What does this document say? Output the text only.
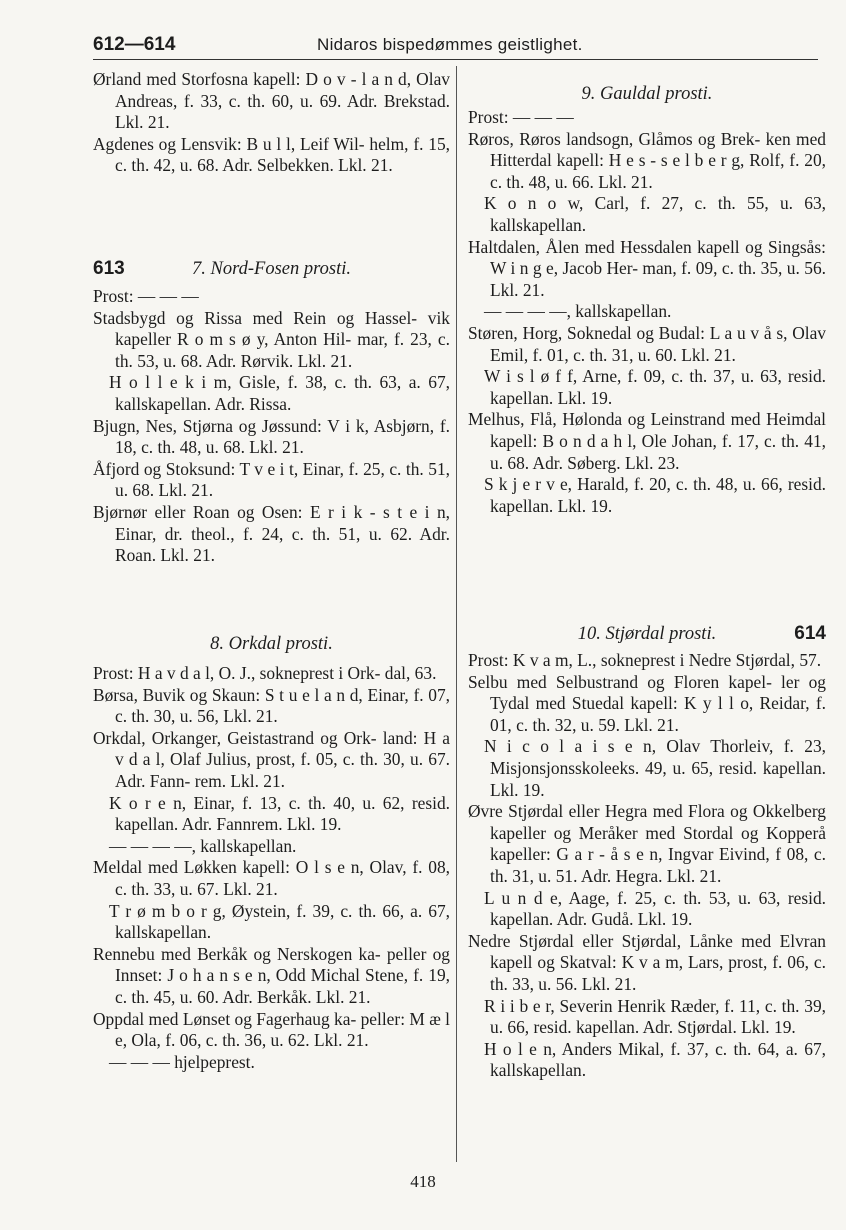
612—614	Nidaros bispedømmes geistlighet.

Ørland med Storfosna kapell: D o v - l a n d, Olav Andreas, f. 33, c. th. 60, u. 69. Adr. Brekstad. Lkl. 21.

Agdenes og Lensvik: B u l l, Leif Wil- helm, f. 15, c. th. 42, u. 68. Adr. Selbekken. Lkl. 21.

613	7. Nord-Fosen prosti.

Prost: — — —

Stadsbygd og Rissa med Rein og Hassel- vik kapeller R o m s ø y, Anton Hil- mar, f. 23, c. th. 53, u. 68. Adr. Rørvik. Lkl. 21.

H o l l e k i m, Gisle, f. 38, c. th. 63, a. 67, kallskapellan. Adr. Rissa.

Bjugn, Nes, Stjørna og Jøssund: V i k, Asbjørn, f. 18, c. th. 48, u. 68. Lkl. 21.

Åfjord og Stoksund: T v e i t, Einar, f. 25, c. th. 51, u. 68. Lkl. 21.

Bjørnør eller Roan og Osen: E r i k - s t e i n, Einar, dr. theol., f. 24, c. th. 51, u. 62. Adr. Roan. Lkl. 21.

8. Orkdal prosti.

Prost: H a v d a l, O. J., sokneprest i Ork- dal, 63.

Børsa, Buvik og Skaun: S t u e l a n d, Einar, f. 07, c. th. 30, u. 56, Lkl. 21.

Orkdal, Orkanger, Geistastrand og Ork- land: H a v d a l, Olaf Julius, prost, f. 05, c. th. 30, u. 67. Adr. Fann- rem. Lkl. 21.

K o r e n, Einar, f. 13, c. th. 40, u. 62, resid. kapellan. Adr. Fannrem. Lkl. 19.

— — — —, kallskapellan.

Meldal med Løkken kapell: O l s e n, Olav, f. 08, c. th. 33, u. 67. Lkl. 21.

T r ø m b o r g, Øystein, f. 39, c. th. 66, a. 67, kallskapellan.

Rennebu med Berkåk og Nerskogen ka- peller og Innset: J o h a n s e n, Odd Michal Stene, f. 19, c. th. 45, u. 60. Adr. Berkåk. Lkl. 21.

Oppdal med Lønset og Fagerhaug ka- peller: M æ l e, Ola, f. 06, c. th. 36, u. 62. Lkl. 21.

— — — hjelpeprest.

9. Gauldal prosti.

Prost: — — —

Røros, Røros landsogn, Glåmos og Brek- ken med Hitterdal kapell: H e s - s e l b e r g, Rolf, f. 20, c. th. 48, u. 66. Lkl. 21.

K o n o w, Carl, f. 27, c. th. 55, u. 63, kallskapellan.

Haltdalen, Ålen med Hessdalen kapell og Singsås: W i n g e, Jacob Her- man, f. 09, c. th. 35, u. 56. Lkl. 21.

— — — —, kallskapellan.

Støren, Horg, Soknedal og Budal: L a u v å s, Olav Emil, f. 01, c. th. 31, u. 60. Lkl. 21.

W i s l ø f f, Arne, f. 09, c. th. 37, u. 63, resid. kapellan. Lkl. 19.

Melhus, Flå, Hølonda og Leinstrand med Heimdal kapell: B o n d a h l, Ole Johan, f. 17, c. th. 41, u. 68. Adr. Søberg. Lkl. 23.

S k j e r v e, Harald, f. 20, c. th. 48, u. 66, resid. kapellan. Lkl. 19.

10. Stjørdal prosti.	614

Prost: K v a m, L., sokneprest i Nedre Stjørdal, 57.

Selbu med Selbustrand og Floren kapel- ler og Tydal med Stuedal kapell: K y l l o, Reidar, f. 01, c. th. 32, u. 59. Lkl. 21.

N i c o l a i s e n, Olav Thorleiv, f. 23, Misjonsjonsskoleeks. 49, u. 65, resid. kapellan. Lkl. 19.

Øvre Stjørdal eller Hegra med Flora og Okkelberg kapeller og Meråker med Stordal og Kopperå kapeller: G a r - å s e n, Ingvar Eivind, f 08, c. th. 31, u. 51. Adr. Hegra. Lkl. 21.

L u n d e, Aage, f. 25, c. th. 53, u. 63, resid. kapellan. Adr. Gudå. Lkl. 19.

Nedre Stjørdal eller Stjørdal, Lånke med Elvran kapell og Skatval: K v a m, Lars, prost, f. 06, c. th. 33, u. 56. Lkl. 21.

R i i b e r, Severin Henrik Ræder, f. 11, c. th. 39, u. 66, resid. kapellan. Adr. Stjørdal. Lkl. 19.

H o l e n, Anders Mikal, f. 37, c. th. 64, a. 67, kallskapellan.

418
